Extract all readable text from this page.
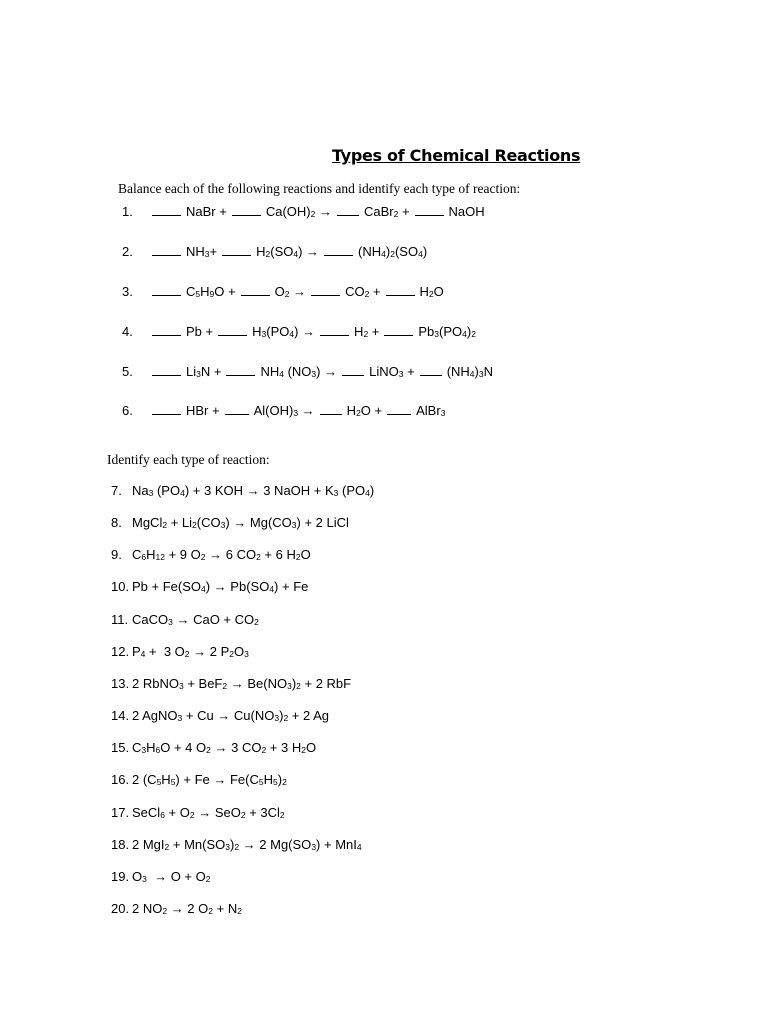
Types of Chemical Reactions
Balance each of the following reactions and identify each type of reaction:
1.	NaBr +	$Ca(OH)_2$ → CaBr$_2$ +	NaOH
2.	$NH_3+$	$H_2(SO_4)$ →	$(NH_4)_2(SO_4)$
3.	$C_5H_9O$ +	$O_2$ →	$CO_2$ +	$H_2O$
4.	Pb +	$H_3(PO_4)$ →	$H_2$ +	$Pb_3(PO_4)_2$
5.	$Li_3N$ +	$NH_4$ $(NO_3)$ → LiNO$_3$ + $(NH_4)_3N$
6.	HBr +	$Al(OH)_3 \to H_2O$ +	AlBr$_3$
Identify each type of reaction:
7. $Na_3$ $(PO_4) + 3$ KOH → 3 NaOH + $K_3$ $(PO_4)$
8. MgCl$_2$ + $Li_2(CO_3) \to Mg(CO_3) + 2$ LiCl
9. $C_6H_{12} + 9$ $O_2 \to 6$ $CO_2 + 6$ $H_2O$
10. $Pb + Fe(SO_4) \to Pb(SO_4) + Fe$
11. CaCO$_3$ → CaO + $CO_2$
12. $P_4 + 3$ $O_2 \to 2$ $P_2O_3$
13. 2 RbNO$_3$ + $BeF_2 \to Be(NO_3)_2 + 2$ RbF
14. 2 AgNO$_3$ + $Cu \to Cu(NO_3)_2 + 2$ Ag
15. $C_3H_6O + 4$ $O_2 \to 3$ $CO_2 + 3$ $H_2O$
16. 2 $(C_5H_5) + Fe \to Fe(C_5H_5)_2$
17. SeCl$_6$ + $O_2 \to SeO_2 + 3Cl_2$
18. 2 $MgI_2 + Mn(SO_3)_2 \to 2$ $Mg(SO_3) + MnI_4$
19. $O_3 \to O + O_2$
20. 2 $NO_2 \to 2$ $O_2 + N_2$
